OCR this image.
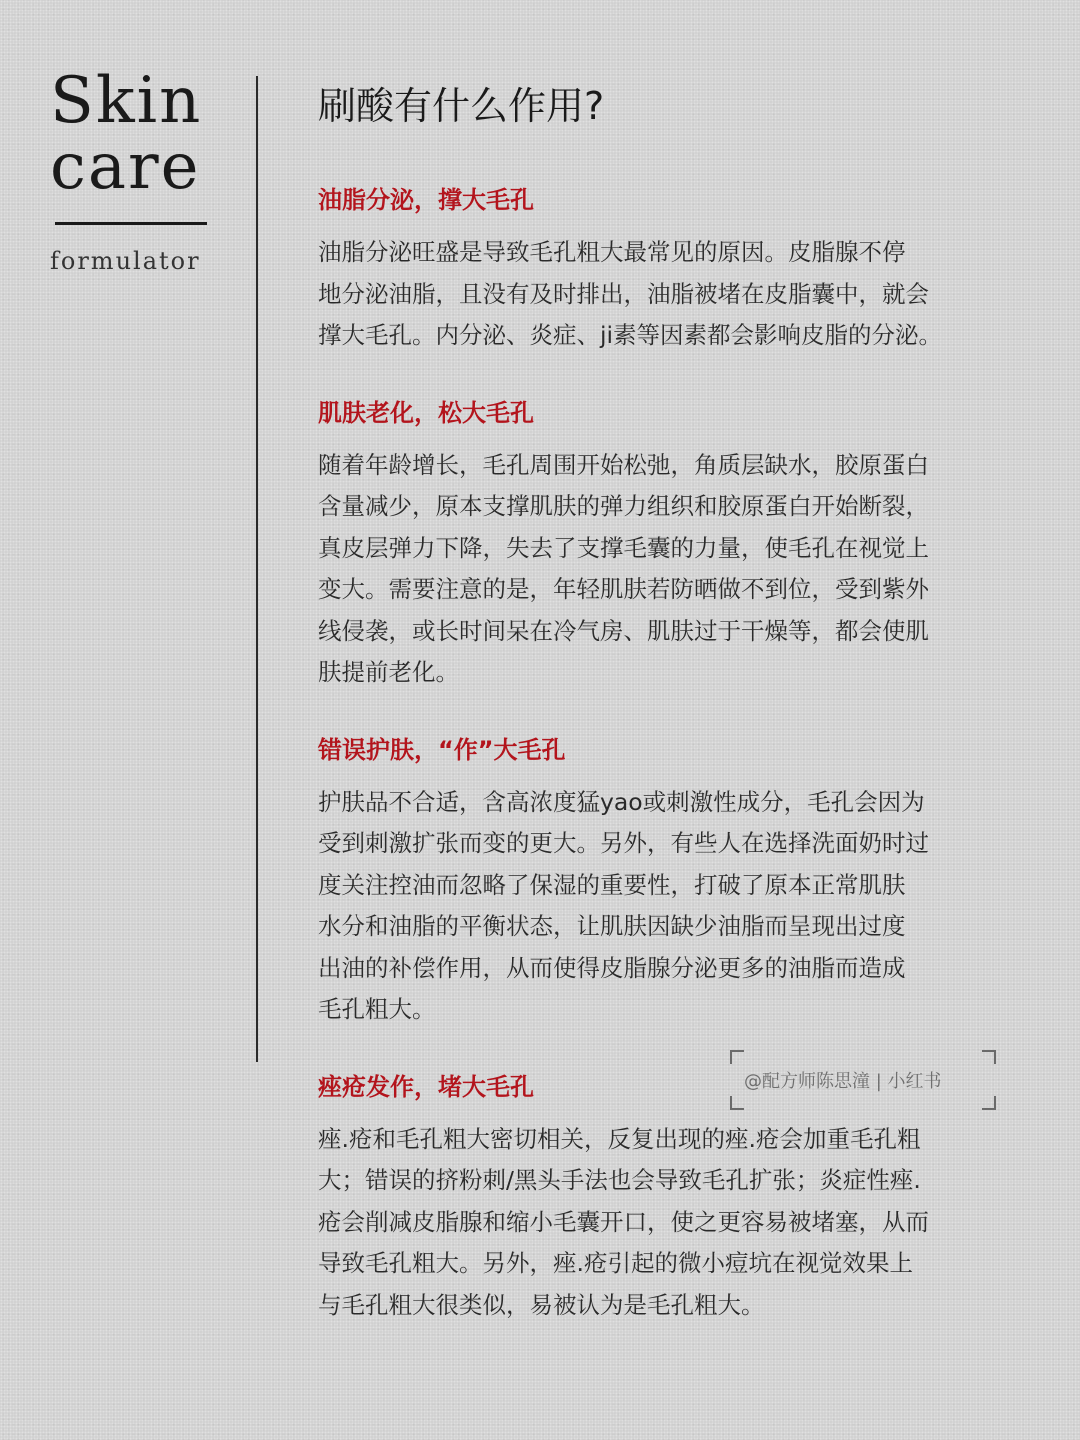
Skin
care
formulator
刷酸有什么作用?
油脂分泌，撑大毛孔
油脂分泌旺盛是导致毛孔粗大最常见的原因。皮脂腺不停
地分泌油脂，且没有及时排出，油脂被堵在皮脂囊中，就会
撑大毛孔。内分泌、炎症、ji素等因素都会影响皮脂的分泌。
肌肤老化，松大毛孔
随着年龄增长，毛孔周围开始松弛，角质层缺水，胶原蛋白
含量减少，原本支撑肌肤的弹力组织和胶原蛋白开始断裂，
真皮层弹力下降，失去了支撑毛囊的力量，使毛孔在视觉上
变大。需要注意的是，年轻肌肤若防晒做不到位，受到紫外
线侵袭，或长时间呆在冷气房、肌肤过于干燥等，都会使肌
肤提前老化。
错误护肤，“作”大毛孔
护肤品不合适，含高浓度猛yao或刺激性成分，毛孔会因为
受到刺激扩张而变的更大。另外，有些人在选择洗面奶时过
度关注控油而忽略了保湿的重要性，打破了原本正常肌肤
水分和油脂的平衡状态，让肌肤因缺少油脂而呈现出过度
出油的补偿作用，从而使得皮脂腺分泌更多的油脂而造成
毛孔粗大。
痤疮发作，堵大毛孔
痤.疮和毛孔粗大密切相关，反复出现的痤.疮会加重毛孔粗
大；错误的挤粉刺/黑头手法也会导致毛孔扩张；炎症性痤.
疮会削减皮脂腺和缩小毛囊开口，使之更容易被堵塞，从而
导致毛孔粗大。另外，痤.疮引起的微小痘坑在视觉效果上
与毛孔粗大很类似，易被认为是毛孔粗大。
@配方师陈思潼 | 小红书
